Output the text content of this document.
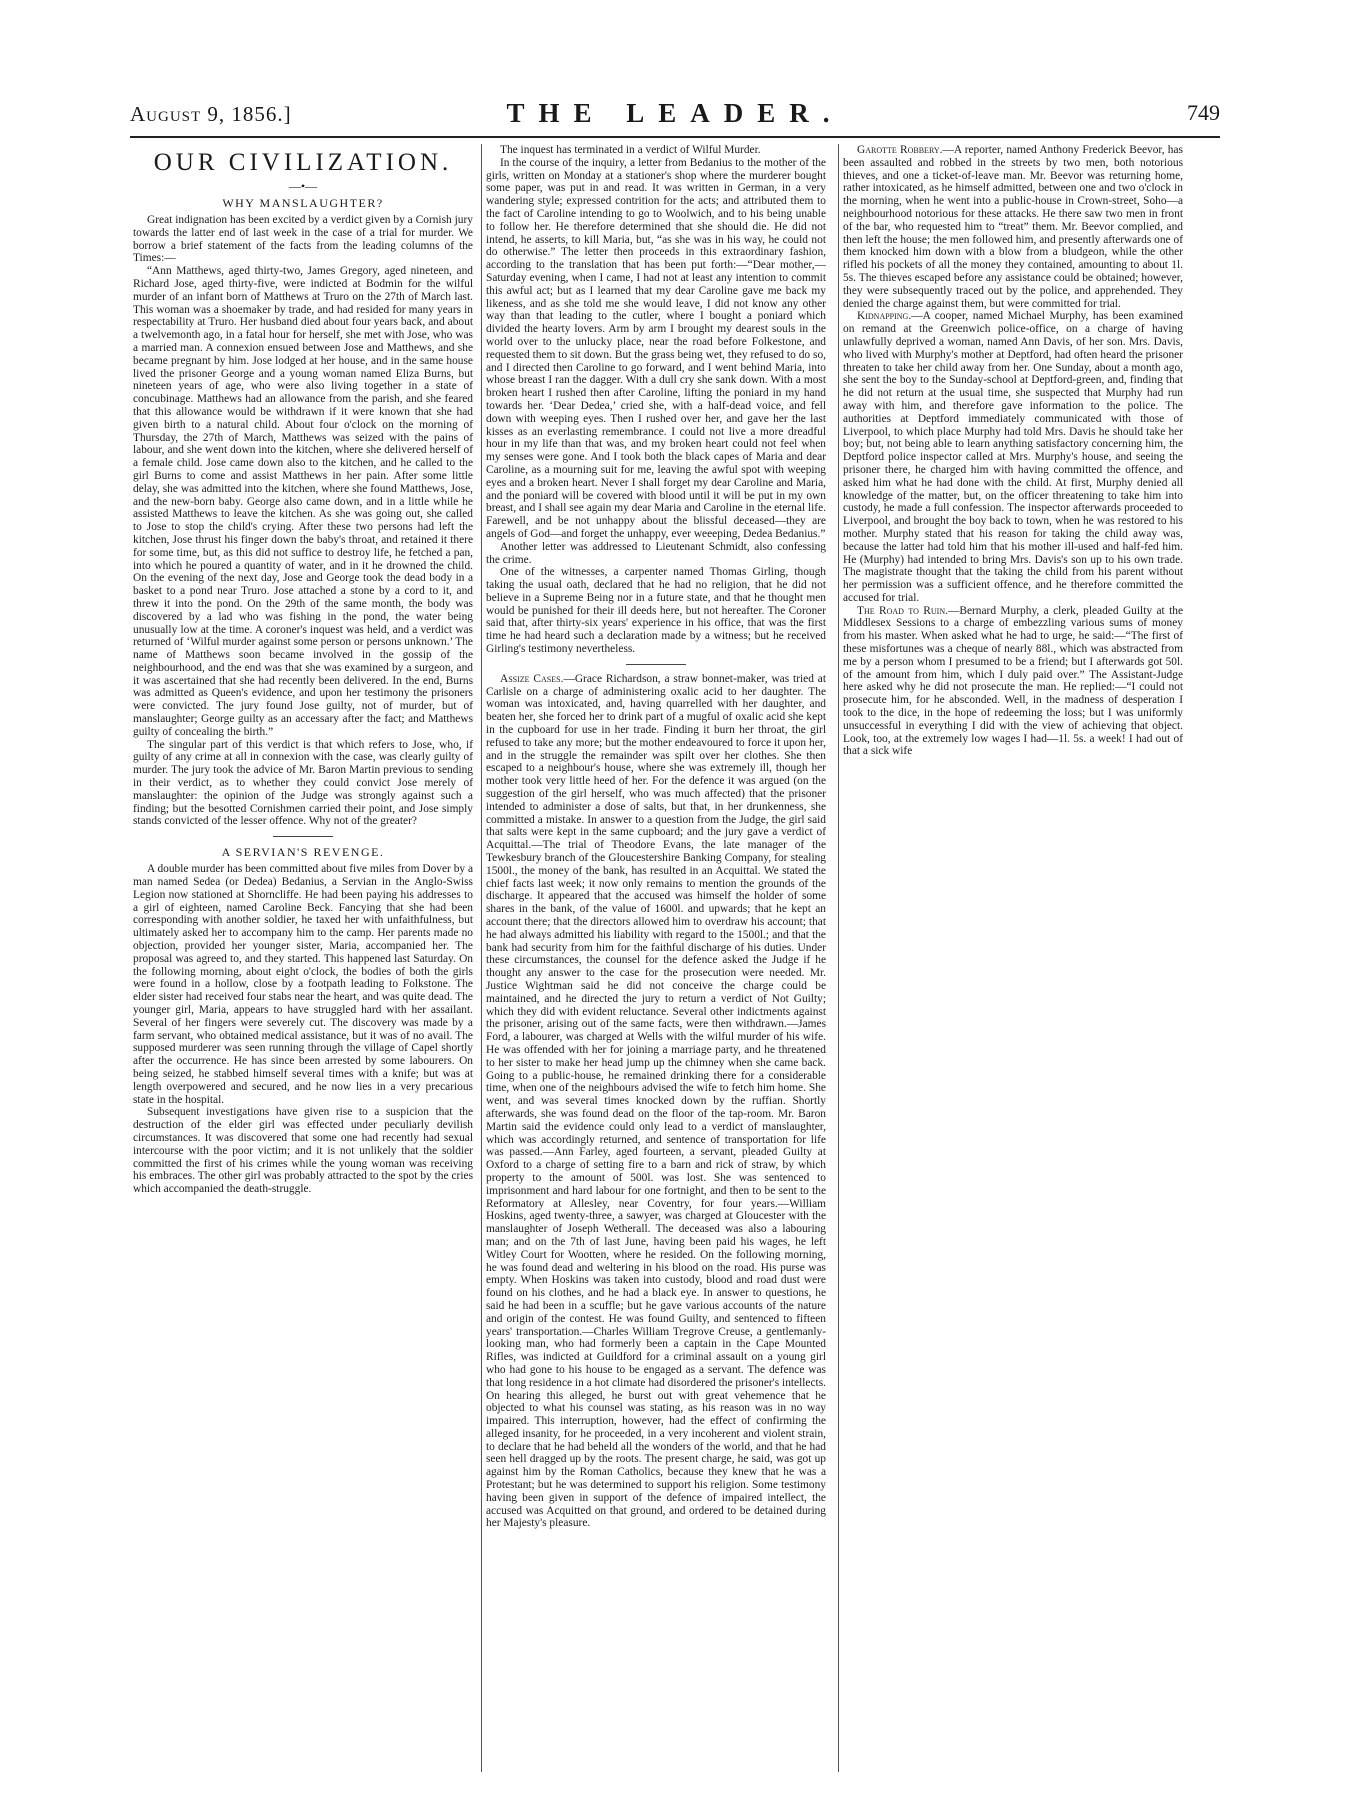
August 9, 1856.]	THE LEADER.	749
OUR CIVILIZATION.
—•—
WHY MANSLAUGHTER?

Great indignation has been excited by a verdict given by a Cornish jury towards the latter end of last week in the case of a trial for murder. We borrow a brief statement of the facts from the leading columns of the Times:—

“Ann Matthews, aged thirty-two, James Gregory, aged nineteen, and Richard Jose, aged thirty-five, were indicted at Bodmin for the wilful murder of an infant born of Matthews at Truro on the 27th of March last. This woman was a shoemaker by trade, and had resided for many years in respectability at Truro. Her husband died about four years back, and about a twelvemonth ago, in a fatal hour for herself, she met with Jose, who was a married man. A connexion ensued between Jose and Matthews, and she became pregnant by him. Jose lodged at her house, and in the same house lived the prisoner George and a young woman named Eliza Burns, but nineteen years of age, who were also living together in a state of concubinage. Matthews had an allowance from the parish, and she feared that this allowance would be withdrawn if it were known that she had given birth to a natural child. About four o'clock on the morning of Thursday, the 27th of March, Matthews was seized with the pains of labour, and she went down into the kitchen, where she delivered herself of a female child. Jose came down also to the kitchen, and he called to the girl Burns to come and assist Matthews in her pain. After some little delay, she was admitted into the kitchen, where she found Matthews, Jose, and the new-born baby. George also came down, and in a little while he assisted Matthews to leave the kitchen. As she was going out, she called to Jose to stop the child's crying. After these two persons had left the kitchen, Jose thrust his finger down the baby's throat, and retained it there for some time, but, as this did not suffice to destroy life, he fetched a pan, into which he poured a quantity of water, and in it he drowned the child. On the evening of the next day, Jose and George took the dead body in a basket to a pond near Truro. Jose attached a stone by a cord to it, and threw it into the pond. On the 29th of the same month, the body was discovered by a lad who was fishing in the pond, the water being unusually low at the time. A coroner's inquest was held, and a verdict was returned of ‘Wilful murder against some person or persons unknown.’ The name of Matthews soon became involved in the gossip of the neighbourhood, and the end was that she was examined by a surgeon, and it was ascertained that she had recently been delivered. In the end, Burns was admitted as Queen's evidence, and upon her testimony the prisoners were convicted. The jury found Jose guilty, not of murder, but of manslaughter; George guilty as an accessary after the fact; and Matthews guilty of concealing the birth.”

The singular part of this verdict is that which refers to Jose, who, if guilty of any crime at all in connexion with the case, was clearly guilty of murder. The jury took the advice of Mr. Baron Martin previous to sending in their verdict, as to whether they could convict Jose merely of manslaughter: the opinion of the Judge was strongly against such a finding; but the besotted Cornishmen carried their point, and Jose simply stands convicted of the lesser offence. Why not of the greater?

A SERVIAN'S REVENGE.

A double murder has been committed about five miles from Dover by a man named Sedea (or Dedea) Bedanius, a Servian in the Anglo-Swiss Legion now stationed at Shorncliffe. He had been paying his addresses to a girl of eighteen, named Caroline Beck. Fancying that she had been corresponding with another soldier, he taxed her with unfaithfulness, but ultimately asked her to accompany him to the camp. Her parents made no objection, provided her younger sister, Maria, accompanied her. The proposal was agreed to, and they started. This happened last Saturday. On the following morning, about eight o'clock, the bodies of both the girls were found in a hollow, close by a footpath leading to Folkstone. The elder sister had received four stabs near the heart, and was quite dead. The younger girl, Maria, appears to have struggled hard with her assailant. Several of her fingers were severely cut. The discovery was made by a farm servant, who obtained medical assistance, but it was of no avail. The supposed murderer was seen running through the village of Capel shortly after the occurrence. He has since been arrested by some labourers. On being seized, he stabbed himself several times with a knife; but was at length overpowered and secured, and he now lies in a very precarious state in the hospital.

Subsequent investigations have given rise to a suspicion that the destruction of the elder girl was effected under peculiarly devilish circumstances. It was discovered that some one had recently had sexual intercourse with the poor victim; and it is not unlikely that the soldier committed the first of his crimes while the young woman was receiving his embraces. The other girl was probably attracted to the spot by the cries which accompanied the death-struggle.

The inquest has terminated in a verdict of Wilful Murder.

In the course of the inquiry, a letter from Bedanius to the mother of the girls, written on Monday at a stationer's shop where the murderer bought some paper, was put in and read. It was written in German, in a very wandering style; expressed contrition for the acts; and attributed them to the fact of Caroline intending to go to Woolwich, and to his being unable to follow her. He therefore determined that she should die. He did not intend, he asserts, to kill Maria, but, “as she was in his way, he could not do otherwise.” The letter then proceeds in this extraordinary fashion, according to the translation that has been put forth:—“Dear mother,—Saturday evening, when I came, I had not at least any intention to commit this awful act; but as I learned that my dear Caroline gave me back my likeness, and as she told me she would leave, I did not know any other way than that leading to the cutler, where I bought a poniard which divided the hearty lovers. Arm by arm I brought my dearest souls in the world over to the unlucky place, near the road before Folkestone, and requested them to sit down. But the grass being wet, they refused to do so, and I directed then Caroline to go forward, and I went behind Maria, into whose breast I ran the dagger. With a dull cry she sank down. With a most broken heart I rushed then after Caroline, lifting the poniard in my hand towards her. ‘Dear Dedea,’ cried she, with a half-dead voice, and fell down with weeping eyes. Then I rushed over her, and gave her the last kisses as an everlasting remembrance. I could not live a more dreadful hour in my life than that was, and my broken heart could not feel when my senses were gone. And I took both the black capes of Maria and dear Caroline, as a mourning suit for me, leaving the awful spot with weeping eyes and a broken heart. Never I shall forget my dear Caroline and Maria, and the poniard will be covered with blood until it will be put in my own breast, and I shall see again my dear Maria and Caroline in the eternal life. Farewell, and be not unhappy about the blissful deceased—they are angels of God—and forget the unhappy, ever weeeping, Dedea Bedanius.”

Another letter was addressed to Lieutenant Schmidt, also confessing the crime.

One of the witnesses, a carpenter named Thomas Girling, though taking the usual oath, declared that he had no religion, that he did not believe in a Supreme Being nor in a future state, and that he thought men would be punished for their ill deeds here, but not hereafter. The Coroner said that, after thirty-six years' experience in his office, that was the first time he had heard such a declaration made by a witness; but he received Girling's testimony nevertheless.

Assize Cases.—Grace Richardson, a straw bonnet-maker, was tried at Carlisle on a charge of administering oxalic acid to her daughter. The woman was intoxicated, and, having quarrelled with her daughter, and beaten her, she forced her to drink part of a mugful of oxalic acid she kept in the cupboard for use in her trade. Finding it burn her throat, the girl refused to take any more; but the mother endeavoured to force it upon her, and in the struggle the remainder was spilt over her clothes. She then escaped to a neighbour's house, where she was extremely ill, though her mother took very little heed of her. For the defence it was argued (on the suggestion of the girl herself, who was much affected) that the prisoner intended to administer a dose of salts, but that, in her drunkenness, she committed a mistake. In answer to a question from the Judge, the girl said that salts were kept in the same cupboard; and the jury gave a verdict of Acquittal.—The trial of Theodore Evans, the late manager of the Tewkesbury branch of the Gloucestershire Banking Company, for stealing 1500l., the money of the bank, has resulted in an Acquittal. We stated the chief facts last week; it now only remains to mention the grounds of the discharge. It appeared that the accused was himself the holder of some shares in the bank, of the value of 1600l. and upwards; that he kept an account there; that the directors allowed him to overdraw his account; that he had always admitted his liability with regard to the 1500l.; and that the bank had security from him for the faithful discharge of his duties. Under these circumstances, the counsel for the defence asked the Judge if he thought any answer to the case for the prosecution were needed. Mr. Justice Wightman said he did not conceive the charge could be maintained, and he directed the jury to return a verdict of Not Guilty; which they did with evident reluctance. Several other indictments against the prisoner, arising out of the same facts, were then withdrawn.—James Ford, a labourer, was charged at Wells with the wilful murder of his wife. He was offended with her for joining a marriage party, and he threatened to her sister to make her head jump up the chimney when she came back. Going to a public-house, he remained drinking there for a considerable time, when one of the neighbours advised the wife to fetch him home. She went, and was several times knocked down by the ruffian. Shortly afterwards, she was found dead on the floor of the tap-room. Mr. Baron Martin said the evidence could only lead to a verdict of manslaughter, which was accordingly returned, and sentence of transportation for life was passed.—Ann Farley, aged fourteen, a servant, pleaded Guilty at Oxford to a charge of setting fire to a barn and rick of straw, by which property to the amount of 500l. was lost. She was sentenced to imprisonment and hard labour for one fortnight, and then to be sent to the Reformatory at Allesley, near Coventry, for four years.—William Hoskins, aged twenty-three, a sawyer, was charged at Gloucester with the manslaughter of Joseph Wetherall. The deceased was also a labouring man; and on the 7th of last June, having been paid his wages, he left Witley Court for Wootten, where he resided. On the following morning, he was found dead and weltering in his blood on the road. His purse was empty. When Hoskins was taken into custody, blood and road dust were found on his clothes, and he had a black eye. In answer to questions, he said he had been in a scuffle; but he gave various accounts of the nature and origin of the contest. He was found Guilty, and sentenced to fifteen years' transportation.—Charles William Tregrove Creuse, a gentlemanly-looking man, who had formerly been a captain in the Cape Mounted Rifles, was indicted at Guildford for a criminal assault on a young girl who had gone to his house to be engaged as a servant. The defence was that long residence in a hot climate had disordered the prisoner's intellects. On hearing this alleged, he burst out with great vehemence that he objected to what his counsel was stating, as his reason was in no way impaired. This interruption, however, had the effect of confirming the alleged insanity, for he proceeded, in a very incoherent and violent strain, to declare that he had beheld all the wonders of the world, and that he had seen hell dragged up by the roots. The present charge, he said, was got up against him by the Roman Catholics, because they knew that he was a Protestant; but he was determined to support his religion. Some testimony having been given in support of the defence of impaired intellect, the accused was Acquitted on that ground, and ordered to be detained during her Majesty's pleasure.

Garotte Robbery.—A reporter, named Anthony Frederick Beevor, has been assaulted and robbed in the streets by two men, both notorious thieves, and one a ticket-of-leave man. Mr. Beevor was returning home, rather intoxicated, as he himself admitted, between one and two o'clock in the morning, when he went into a public-house in Crown-street, Soho—a neighbourhood notorious for these attacks. He there saw two men in front of the bar, who requested him to “treat” them. Mr. Beevor complied, and then left the house; the men followed him, and presently afterwards one of them knocked him down with a blow from a bludgeon, while the other rifled his pockets of all the money they contained, amounting to about 1l. 5s. The thieves escaped before any assistance could be obtained; however, they were subsequently traced out by the police, and apprehended. They denied the charge against them, but were committed for trial.

Kidnapping.—A cooper, named Michael Murphy, has been examined on remand at the Greenwich police-office, on a charge of having unlawfully deprived a woman, named Ann Davis, of her son. Mrs. Davis, who lived with Murphy's mother at Deptford, had often heard the prisoner threaten to take her child away from her. One Sunday, about a month ago, she sent the boy to the Sunday-school at Deptford-green, and, finding that he did not return at the usual time, she suspected that Murphy had run away with him, and therefore gave information to the police. The authorities at Deptford immediately communicated with those of Liverpool, to which place Murphy had told Mrs. Davis he should take her boy; but, not being able to learn anything satisfactory concerning him, the Deptford police inspector called at Mrs. Murphy's house, and seeing the prisoner there, he charged him with having committed the offence, and asked him what he had done with the child. At first, Murphy denied all knowledge of the matter, but, on the officer threatening to take him into custody, he made a full confession. The inspector afterwards proceeded to Liverpool, and brought the boy back to town, when he was restored to his mother. Murphy stated that his reason for taking the child away was, because the latter had told him that his mother ill-used and half-fed him. He (Murphy) had intended to bring Mrs. Davis's son up to his own trade. The magistrate thought that the taking the child from his parent without her permission was a sufficient offence, and he therefore committed the accused for trial.

The Road to Ruin.—Bernard Murphy, a clerk, pleaded Guilty at the Middlesex Sessions to a charge of embezzling various sums of money from his master. When asked what he had to urge, he said:—“The first of these misfortunes was a cheque of nearly 88l., which was abstracted from me by a person whom I presumed to be a friend; but I afterwards got 50l. of the amount from him, which I duly paid over.” The Assistant-Judge here asked why he did not prosecute the man. He replied:—“I could not prosecute him, for he absconded. Well, in the madness of desperation I took to the dice, in the hope of redeeming the loss; but I was uniformly unsuccessful in everything I did with the view of achieving that object. Look, too, at the extremely low wages I had—1l. 5s. a week! I had out of that a sick wife
